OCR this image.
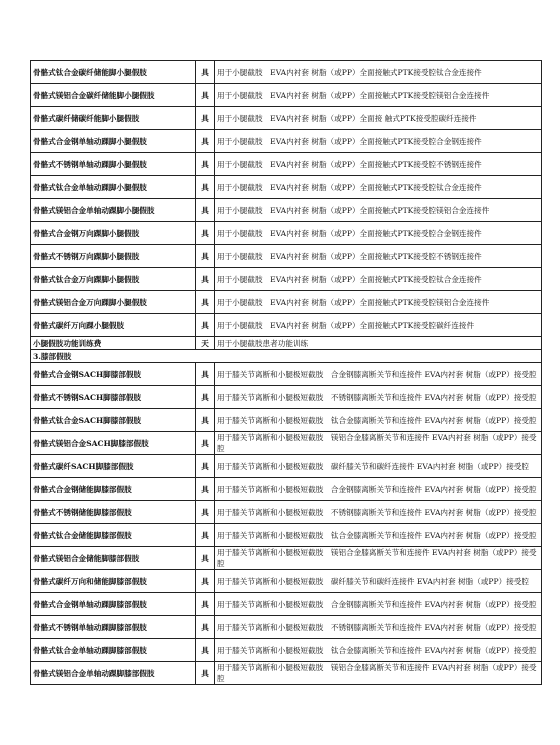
骨骼式钛合金碳纤储能脚小腿假肢	具	用于小腿截肢　EVA内衬套 树脂（或PP）全面接触式PTK接受腔钛合金连接件
骨骼式镁铝合金碳纤储能脚小腿假肢	具	用于小腿截肢　EVA内衬套 树脂（或PP）全面接触式PTK接受腔镁铝合金连接件
骨骼式碳纤储碳纤能脚小腿假肢	具	用于小腿截肢　EVA内衬套 树脂（或PP）全面接 触式PTK接受腔碳纤连接件
骨骼式合金钢单轴动踝脚小腿假肢	具	用于小腿截肢　EVA内衬套 树脂（或PP）全面接触式PTK接受腔合金钢连接件
骨骼式不锈钢单轴动踝脚小腿假肢	具	用于小腿截肢　EVA内衬套 树脂（或PP）全面接触式PTK接受腔不锈钢连接件
骨骼式钛合金单轴动踝脚小腿假肢	具	用于小腿截肢　EVA内衬套 树脂（或PP）全面接触式PTK接受腔钛合金连接件
骨骼式镁铝合金单轴动踝脚小腿假肢	具	用于小腿截肢　EVA内衬套 树脂（或PP）全面接触式PTK接受腔镁铝合金连接件
骨骼式合金钢万向踝脚小腿假肢	具	用于小腿截肢　EVA内衬套 树脂（或PP）全面接触式PTK接受腔合金钢连接件
骨骼式不锈钢万向踝脚小腿假肢	具	用于小腿截肢　EVA内衬套 树脂（或PP）全面接触式PTK接受腔不锈钢连接件
骨骼式钛合金万向踝脚小腿假肢	具	用于小腿截肢　EVA内衬套 树脂（或PP）全面接触式PTK接受腔钛合金连接件
骨骼式镁铝合金万向踝脚小腿假肢	具	用于小腿截肢　EVA内衬套 树脂（或PP）全面接触式PTK接受腔镁铝合金连接件
骨骼式碳纤万向踝小腿假肢	具	用于小腿截肢　EVA内衬套 树脂（或PP）全面接触式PTK接受腔碳纤连接件
小腿假肢功能训练费	天	用于小腿截肢患者功能训练
3.膝部假肢		
骨骼式合金钢SACH脚膝部假肢	具	用于膝关节离断和小腿极短截肢　合金钢膝离断关节和连接件 EVA内衬套 树脂（或PP）接受腔
骨骼式不锈钢SACH脚膝部假肢	具	用于膝关节离断和小腿极短截肢　不锈钢膝离断关节和连接件 EVA内衬套 树脂（或PP）接受腔
骨骼式钛合金SACH脚膝部假肢	具	用于膝关节离断和小腿极短截肢　钛合金膝离断关节和连接件 EVA内衬套 树脂（或PP）接受腔
骨骼式镁铝合金SACH脚膝部假肢	具	用于膝关节离断和小腿极短截肢　镁铝合金膝离断关节和连接件 EVA内衬套 树脂（或PP）接受腔
骨骼式碳纤SACH脚膝部假肢	具	用于膝关节离断和小腿极短截肢　碳纤膝关节和碳纤连接件 EVA内衬套 树脂（或PP）接受腔
骨骼式合金钢储能脚膝部假肢	具	用于膝关节离断和小腿极短截肢　合金钢膝离断关节和连接件 EVA内衬套 树脂（或PP）接受腔
骨骼式不锈钢储能脚膝部假肢	具	用于膝关节离断和小腿极短截肢　不锈钢膝离断关节和连接件 EVA内衬套 树脂（或PP）接受腔
骨骼式钛合金储能脚膝部假肢	具	用于膝关节离断和小腿极短截肢　钛合金膝离断关节和连接件 EVA内衬套 树脂（或PP）接受腔
骨骼式镁铝合金储能脚膝部假肢	具	用于膝关节离断和小腿极短截肢　镁铝合金膝离断关节和连接件 EVA内衬套 树脂（或PP）接受腔
骨骼式碳纤万向和储能脚膝部假肢	具	用于膝关节离断和小腿极短截肢　碳纤膝关节和碳纤连接件 EVA内衬套 树脂（或PP）接受腔
骨骼式合金钢单轴动踝脚膝部假肢	具	用于膝关节离断和小腿极短截肢　合金钢膝离断关节和连接件 EVA内衬套 树脂（或PP）接受腔
骨骼式不锈钢单轴动踝脚膝部假肢	具	用于膝关节离断和小腿极短截肢　不锈钢膝离断关节和连接件 EVA内衬套 树脂（或PP）接受腔
骨骼式钛合金单轴动踝脚膝部假肢	具	用于膝关节离断和小腿极短截肢　钛合金膝离断关节和连接件 EVA内衬套 树脂（或PP）接受腔
骨骼式镁铝合金单轴动踝脚膝部假肢	具	用于膝关节离断和小腿极短截肢　镁铝合金膝离断关节和连接件 EVA内衬套 树脂（或PP）接受腔
